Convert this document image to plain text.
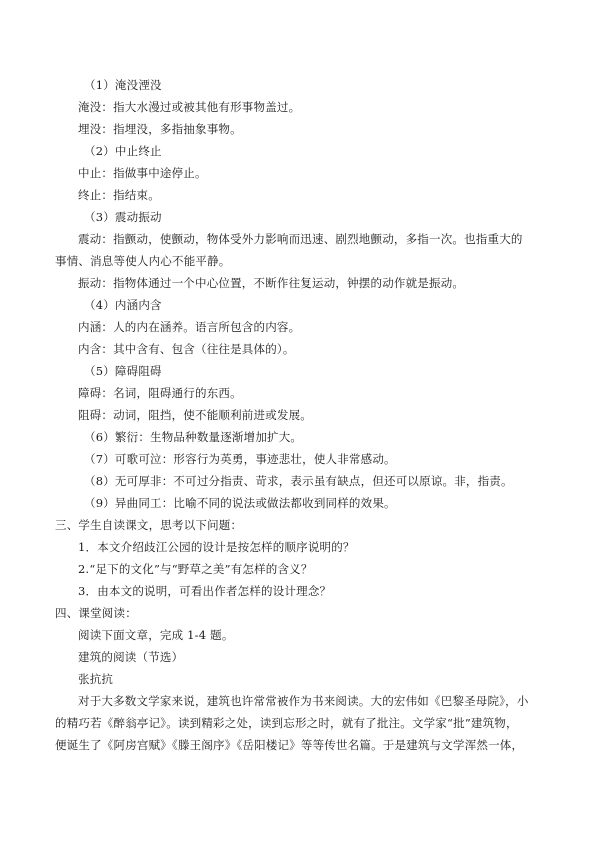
（1）淹没湮没
淹没：指大水漫过或被其他有形事物盖过。
埋没：指埋没，多指抽象事物。
（2）中止终止
中止：指做事中途停止。
终止：指结束。
（3）震动振动
震动：指颤动，使颤动，物体受外力影响而迅速、剧烈地颤动，多指一次。也指重大的
事情、消息等使人内心不能平静。
振动：指物体通过一个中心位置，不断作往复运动，钟摆的动作就是振动。
（4）内涵内含
内涵：人的内在涵养。语言所包含的内容。
内含：其中含有、包含（往往是具体的）。
（5）障碍阻碍
障碍：名词，阻碍通行的东西。
阻碍：动词，阻挡，使不能顺利前进或发展。
（6）繁衍：生物品种数量逐渐增加扩大。
（7）可歌可泣：形容行为英勇，事迹悲壮，使人非常感动。
（8）无可厚非：不可过分指责、苛求，表示虽有缺点，但还可以原谅。非，指责。
（9）异曲同工：比喻不同的说法或做法都收到同样的效果。
三、学生自读课文，思考以下问题：
1．本文介绍歧江公园的设计是按怎样的顺序说明的？
2.“足下的文化”与“野草之美”有怎样的含义？
3．由本文的说明，可看出作者怎样的设计理念？
四、课堂阅读：
阅读下面文章，完成 1-4 题。
建筑的阅读（节选）
张抗抗
对于大多数文学家来说，建筑也许常常被作为书来阅读。大的宏伟如《巴黎圣母院》，小
的精巧若《醉翁亭记》。读到精彩之处，读到忘形之时，就有了批注。文学家“批”建筑物，
便诞生了《阿房宫赋》《滕王阁序》《岳阳楼记》等等传世名篇。于是建筑与文学浑然一体，
